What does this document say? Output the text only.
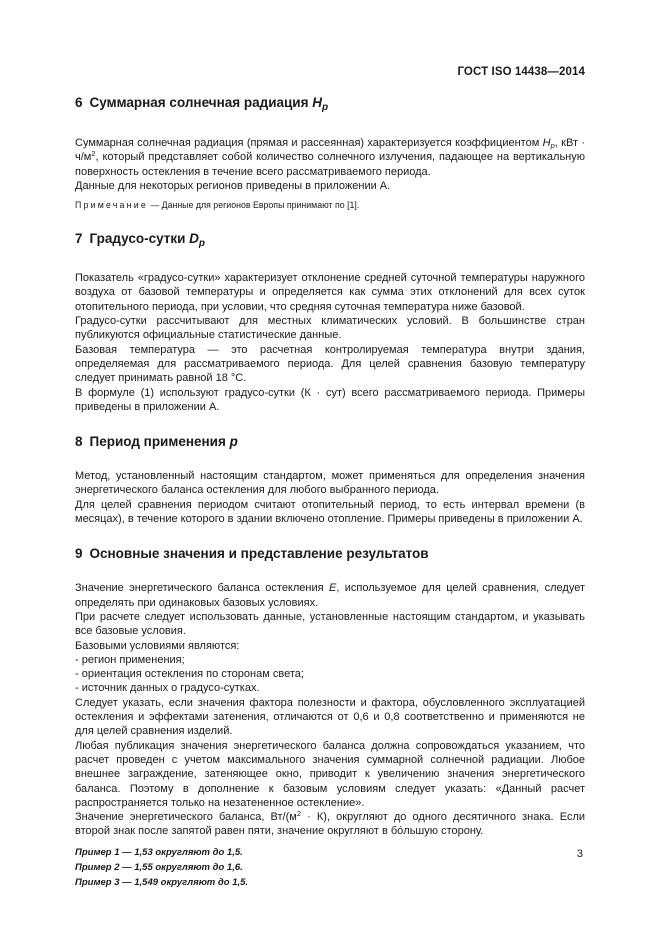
ГОСТ ISO 14438—2014
6 Суммарная солнечная радиация $H_p$

Суммарная солнечная радиация (прямая и рассеянная) характеризуется коэффициентом $H_p$, кВт · $ч/м^2$, который представляет собой количество солнечного излучения, падающее на вертикальную поверхность остекления в течение всего рассматриваемого периода.

Данные для некоторых регионов приведены в приложении А.

Примечание — Данные для регионов Европы принимают по [1].

7 Градусо-сутки $D_p$

Показатель «градусо-сутки» характеризует отклонение средней суточной температуры наружного воздуха от базовой температуры и определяется как сумма этих отклонений для всех суток отопительного периода, при условии, что средняя суточная температура ниже базовой.

Градусо-сутки рассчитывают для местных климатических условий. В большинстве стран публикуются официальные статистические данные.

Базовая температура — это расчетная контролируемая температура внутри здания, определяемая для рассматриваемого периода. Для целей сравнения базовую температуру следует принимать равной 18 °С.

В формуле (1) используют градусо-сутки (К · сут) всего рассматриваемого периода. Примеры приведены в приложении А.

8 Период применения p

Метод, установленный настоящим стандартом, может применяться для определения значения энергетического баланса остекления для любого выбранного периода.

Для целей сравнения периодом считают отопительный период, то есть интервал времени (в месяцах), в течение которого в здании включено отопление. Примеры приведены в приложении А.

9 Основные значения и представление результатов

Значение энергетического баланса остекления E, используемое для целей сравнения, следует определять при одинаковых базовых условиях.

При расчете следует использовать данные, установленные настоящим стандартом, и указывать все базовые условия.

Базовыми условиями являются:

- регион применения;

- ориентация остекления по сторонам света;

- источник данных о градусо-сутках.

Следует указать, если значения фактора полезности и фактора, обусловленного эксплуатацией остекления и эффектами затенения, отличаются от 0,6 и 0,8 соответственно и применяются не для целей сравнения изделий.

Любая публикация значения энергетического баланса должна сопровождаться указанием, что расчет проведен с учетом максимального значения суммарной солнечной радиации. Любое внешнее заграждение, затеняющее окно, приводит к увеличению значения энергетического баланса. Поэтому в дополнение к базовым условиям следует указать: «Данный расчет распространяется только на незатененное остекление».

Значение энергетического баланса, $Вт/(м^2 \cdot К)$, округляют до одного десятичного знака. Если второй знак после запятой равен пяти, значение округляют в бóльшую сторону.

Пример 1 — 1,53 округляют до 1,5.
Пример 2 — 1,55 округляют до 1,6.
Пример 3 — 1,549 округляют до 1,5.
3
